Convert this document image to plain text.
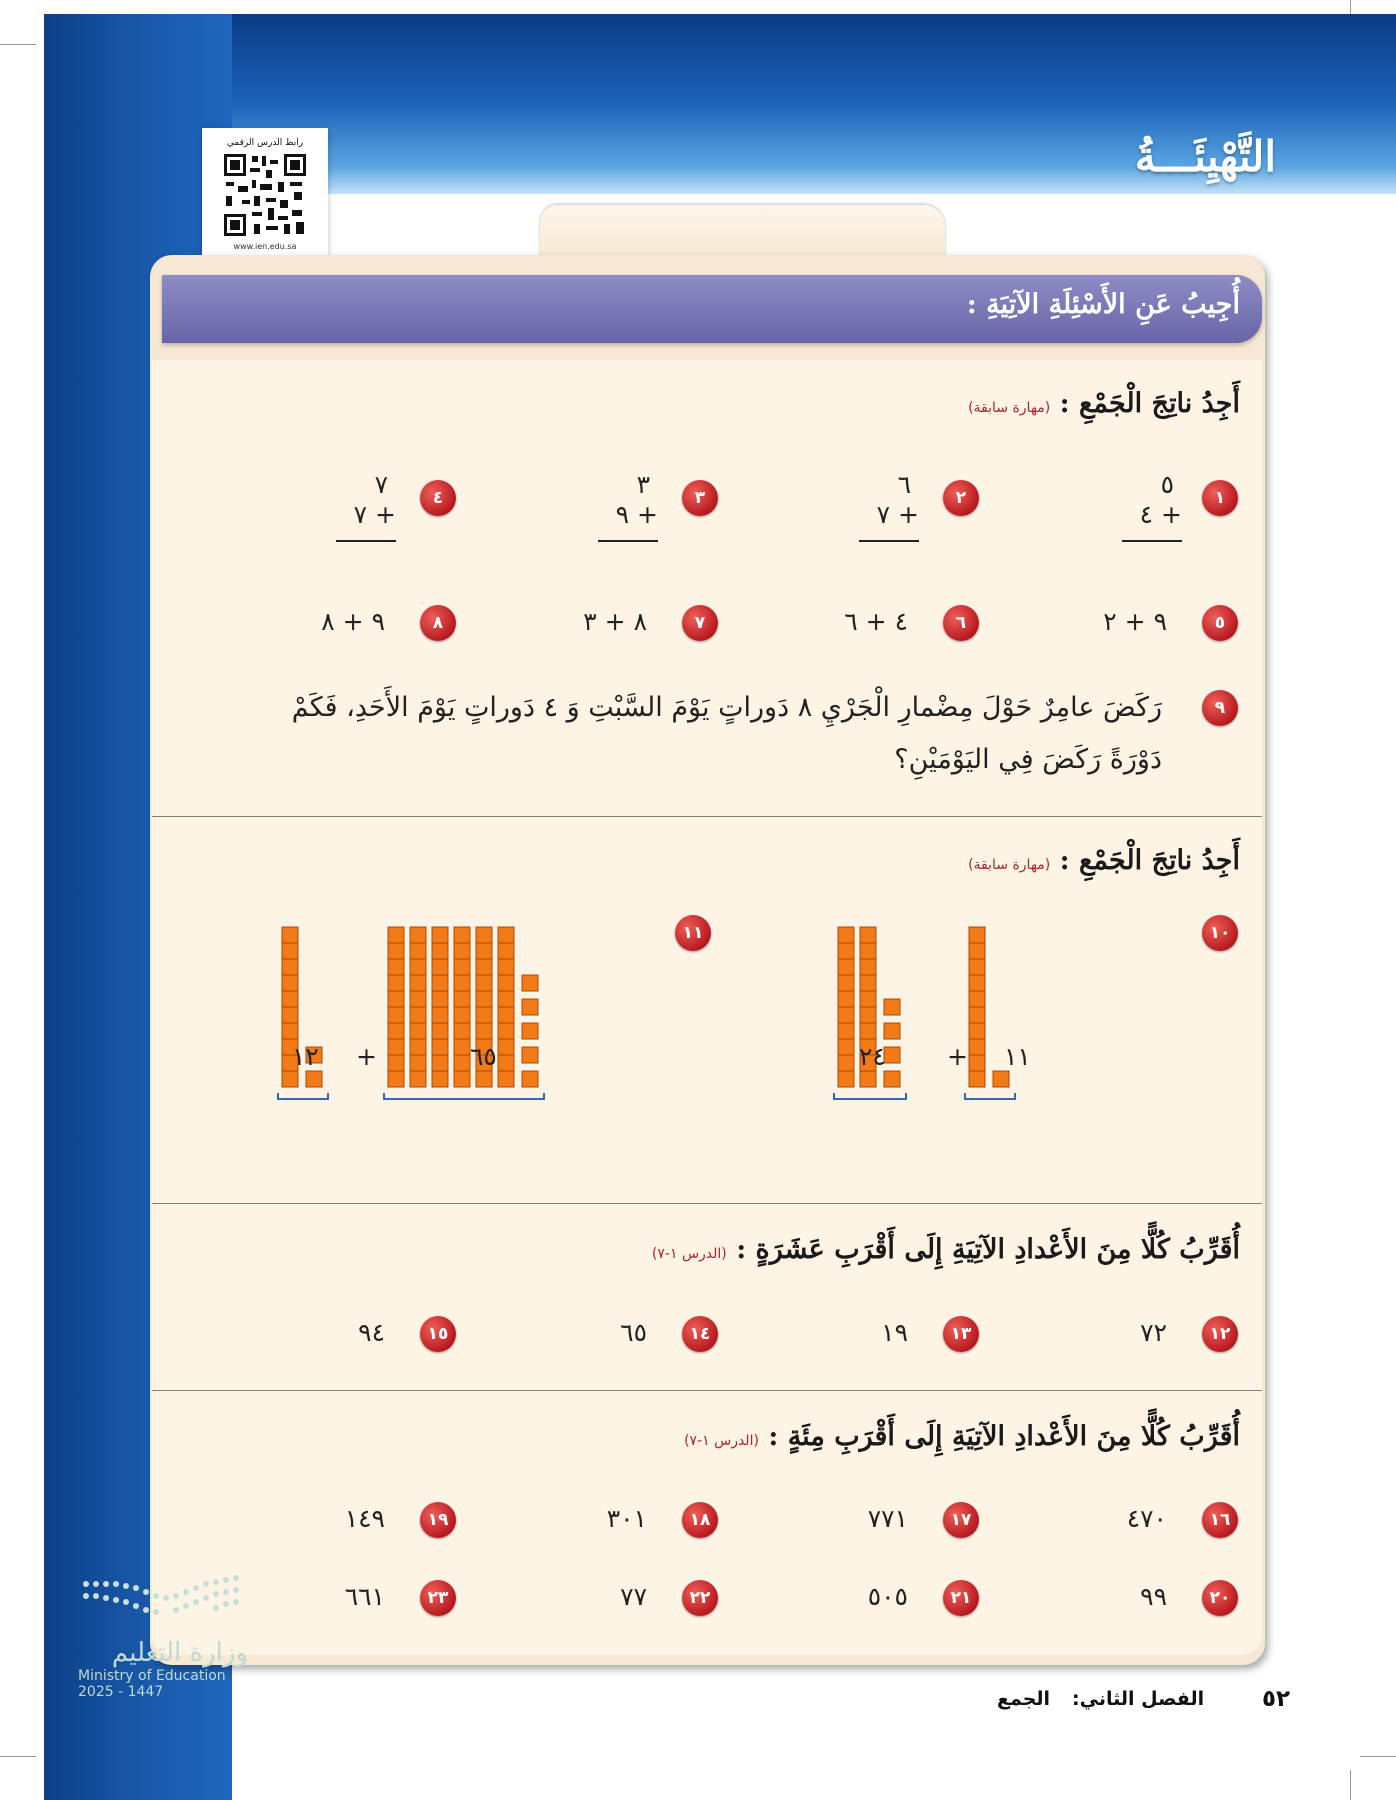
التَّهْيِئَـــةُ
رابط الدرس الرقمي
www.ien.edu.sa
أُجِيبُ عَنِ الأَسْئِلَةِ الآتِيَةِ :
أَجِدُ ناتِجَ الْجَمْعِ : (مهارة سابقة)
١
٥
+ ٤
٢
٦
+ ٧
٣
٣
+ ٩
٤
٧
+ ٧
٥
٩ + ٢
٦
٤ + ٦
٧
٨ + ٣
٨
٩ + ٨
٩
رَكَضَ عامِرٌ حَوْلَ مِضْمارِ الْجَرْيِ ٨ دَوراتٍ يَوْمَ السَّبْتِ وَ ٤ دَوراتٍ يَوْمَ الأَحَدِ، فَكَمْ دَوْرَةً رَكَضَ فِي اليَوْمَيْنِ؟
أَجِدُ ناتِجَ الْجَمْعِ : (مهارة سابقة)
١٠
١١
١١
+
٢٤
٦٥
+
١٢
أُقَرِّبُ كُلًّا مِنَ الأَعْدادِ الآتِيَةِ إِلَى أَقْرَبِ عَشَرَةٍ : (الدرس ١-٧)
١٢
٧٢
١٣
١٩
١٤
٦٥
١٥
٩٤
أُقَرِّبُ كُلًّا مِنَ الأَعْدادِ الآتِيَةِ إِلَى أَقْرَبِ مِئَةٍ : (الدرس ١-٧)
١٦
٤٧٠
١٧
٧٧١
١٨
٣٠١
١٩
١٤٩
٢٠
٩٩
٢١
٥٠٥
٢٢
٧٧
٢٣
٦٦١
وزارة التعليم
Ministry of Education
2025 - 1447	٥٢
الفصل الثاني:
الجمع
